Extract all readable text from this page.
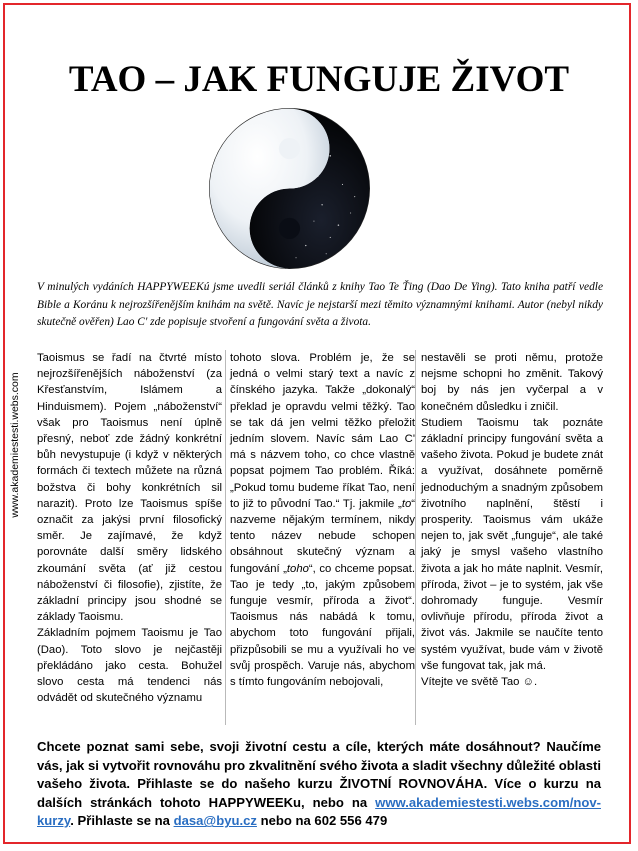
TAO – JAK FUNGUJE ŽIVOT
www.akademiestesti.webs.com

V minulých vydáních HAPPYWEEKú jsme uvedli seriál článků z knihy Tao Te Ťing (Dao De Ying). Tato kniha patří vedle Bible a Koránu k nejrozšířenějším knihám na světě. Navíc je nejstarší mezi těmito významnými knihami. Autor (nebyl nikdy skutečně ověřen) Lao C' zde popisuje stvoření a fungování světa a života.

Taoismus se řadí na čtvrté místo nejrozšířenějších náboženství (za Křesťanstvím, Islámem a Hinduismem). Pojem „náboženství“ však pro Taoismus není úplně přesný, neboť zde žádný konkrétní bůh nevystupuje (i když v některých formách či textech můžete na různá božstva či bohy konkrétních sil narazit). Proto lze Taoismus spíše označit za jakýsi první filosofický směr. Je zajímavé, že když porovnáte další směry lidského zkoumání světa (ať již cestou náboženství či filosofie), zjistíte, že základní principy jsou shodné se základy Taoismu.

Základním pojmem Taoismu je Tao (Dao). Toto slovo je nejčastěji překládáno jako cesta. Bohužel slovo cesta má tendenci nás odvádět od skutečného významu

tohoto slova. Problém je, že se jedná o velmi starý text a navíc z čínského jazyka. Takže „dokonalý“ překlad je opravdu velmi těžký. Tao se tak dá jen velmi těžko přeložit jedním slovem. Navíc sám Lao C' má s názvem toho, co chce vlastně popsat pojmem Tao problém. Říká: „Pokud tomu budeme říkat Tao, není to již to původní Tao.“ Tj. jakmile „to“ nazveme nějakým termínem, nikdy tento název nebude schopen obsáhnout skutečný význam a fungování „toho“, co chceme popsat. Tao je tedy „to, jakým způsobem funguje vesmír, příroda a život“. Taoismus nás nabádá k tomu, abychom toto fungování přijali, přizpůsobili se mu a využívali ho ve svůj prospěch. Varuje nás, abychom s tímto fungováním nebojovali,

nestavěli se proti němu, protože nejsme schopni ho změnit. Takový boj by nás jen vyčerpal a v konečném důsledku i zničil.

Studiem Taoismu tak poznáte základní principy fungování světa a vašeho života. Pokud je budete znát a využívat, dosáhnete poměrně jednoduchým a snadným způsobem životního naplnění, štěstí i prosperity. Taoismus vám ukáže nejen to, jak svět „funguje“, ale také jaký je smysl vašeho vlastního života a jak ho máte naplnit. Vesmír, příroda, život – je to systém, jak vše dohromady funguje. Vesmír ovlivňuje přírodu, příroda život a život vás. Jakmile se naučíte tento systém využívat, bude vám v životě vše fungovat tak, jak má.

Vítejte ve světě Tao ☺.

Chcete poznat sami sebe, svoji životní cestu a cíle, kterých máte dosáhnout? Naučíme vás, jak si vytvořit rovnováhu pro zkvalitnění svého života a sladit všechny důležité oblasti vašeho života. Přihlaste se do našeho kurzu ŽIVOTNÍ ROVNOVÁHA. Více o kurzu na dalších stránkách tohoto HAPPYWEEKu, nebo na www.akademiestesti.webs.com/nov-kurzy. Přihlaste se na dasa@byu.cz nebo na 602 556 479
